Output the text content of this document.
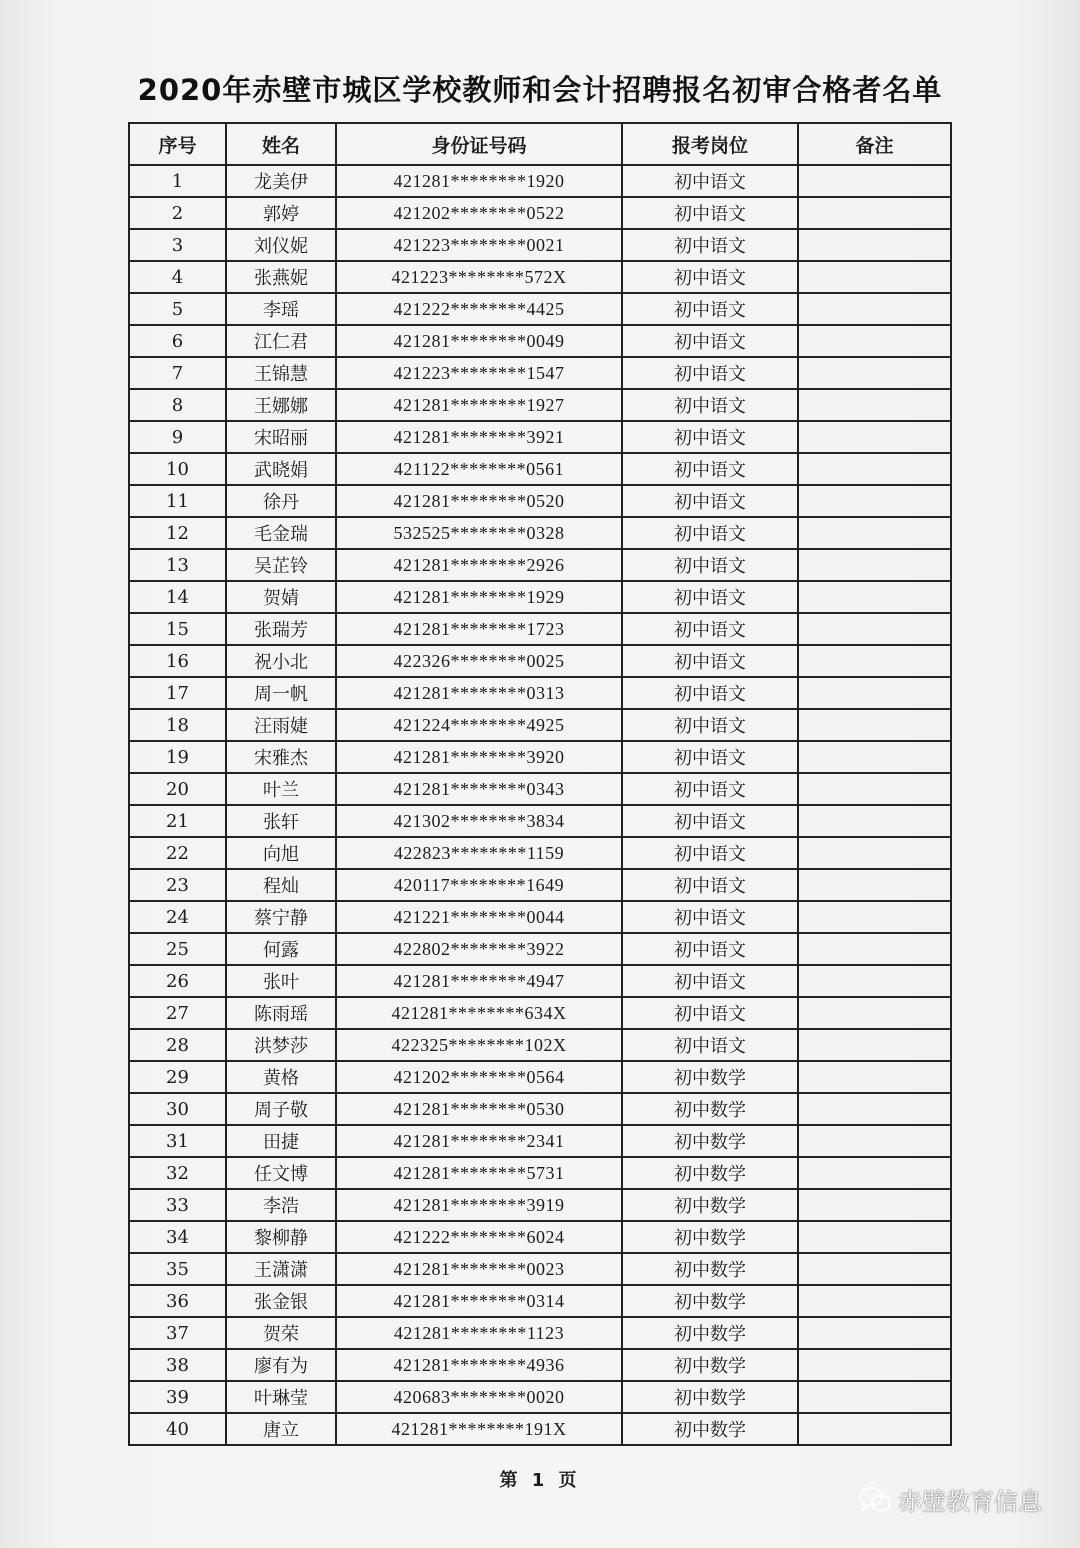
2020年赤壁市城区学校教师和会计招聘报名初审合格者名单
序号	姓名	身份证号码	报考岗位	备注
1	龙美伊	421281********1920	初中语文	
2	郭婷	421202********0522	初中语文	
3	刘仪妮	421223********0021	初中语文	
4	张燕妮	421223********572X	初中语文	
5	李瑶	421222********4425	初中语文	
6	江仁君	421281********0049	初中语文	
7	王锦慧	421223********1547	初中语文	
8	王娜娜	421281********1927	初中语文	
9	宋昭丽	421281********3921	初中语文	
10	武晓娟	421122********0561	初中语文	
11	徐丹	421281********0520	初中语文	
12	毛金瑞	532525********0328	初中语文	
13	吴芷铃	421281********2926	初中语文	
14	贺婧	421281********1929	初中语文	
15	张瑞芳	421281********1723	初中语文	
16	祝小北	422326********0025	初中语文	
17	周一帆	421281********0313	初中语文	
18	汪雨婕	421224********4925	初中语文	
19	宋雅杰	421281********3920	初中语文	
20	叶兰	421281********0343	初中语文	
21	张轩	421302********3834	初中语文	
22	向旭	422823********1159	初中语文	
23	程灿	420117********1649	初中语文	
24	蔡宁静	421221********0044	初中语文	
25	何露	422802********3922	初中语文	
26	张叶	421281********4947	初中语文	
27	陈雨瑶	421281********634X	初中语文	
28	洪梦莎	422325********102X	初中语文	
29	黄格	421202********0564	初中数学	
30	周子敬	421281********0530	初中数学	
31	田捷	421281********2341	初中数学	
32	任文博	421281********5731	初中数学	
33	李浩	421281********3919	初中数学	
34	黎柳静	421222********6024	初中数学	
35	王潇潇	421281********0023	初中数学	
36	张金银	421281********0314	初中数学	
37	贺荣	421281********1123	初中数学	
38	廖有为	421281********4936	初中数学	
39	叶琳莹	420683********0020	初中数学	
40	唐立	421281********191X	初中数学	
第 1 页
赤壁教育信息
